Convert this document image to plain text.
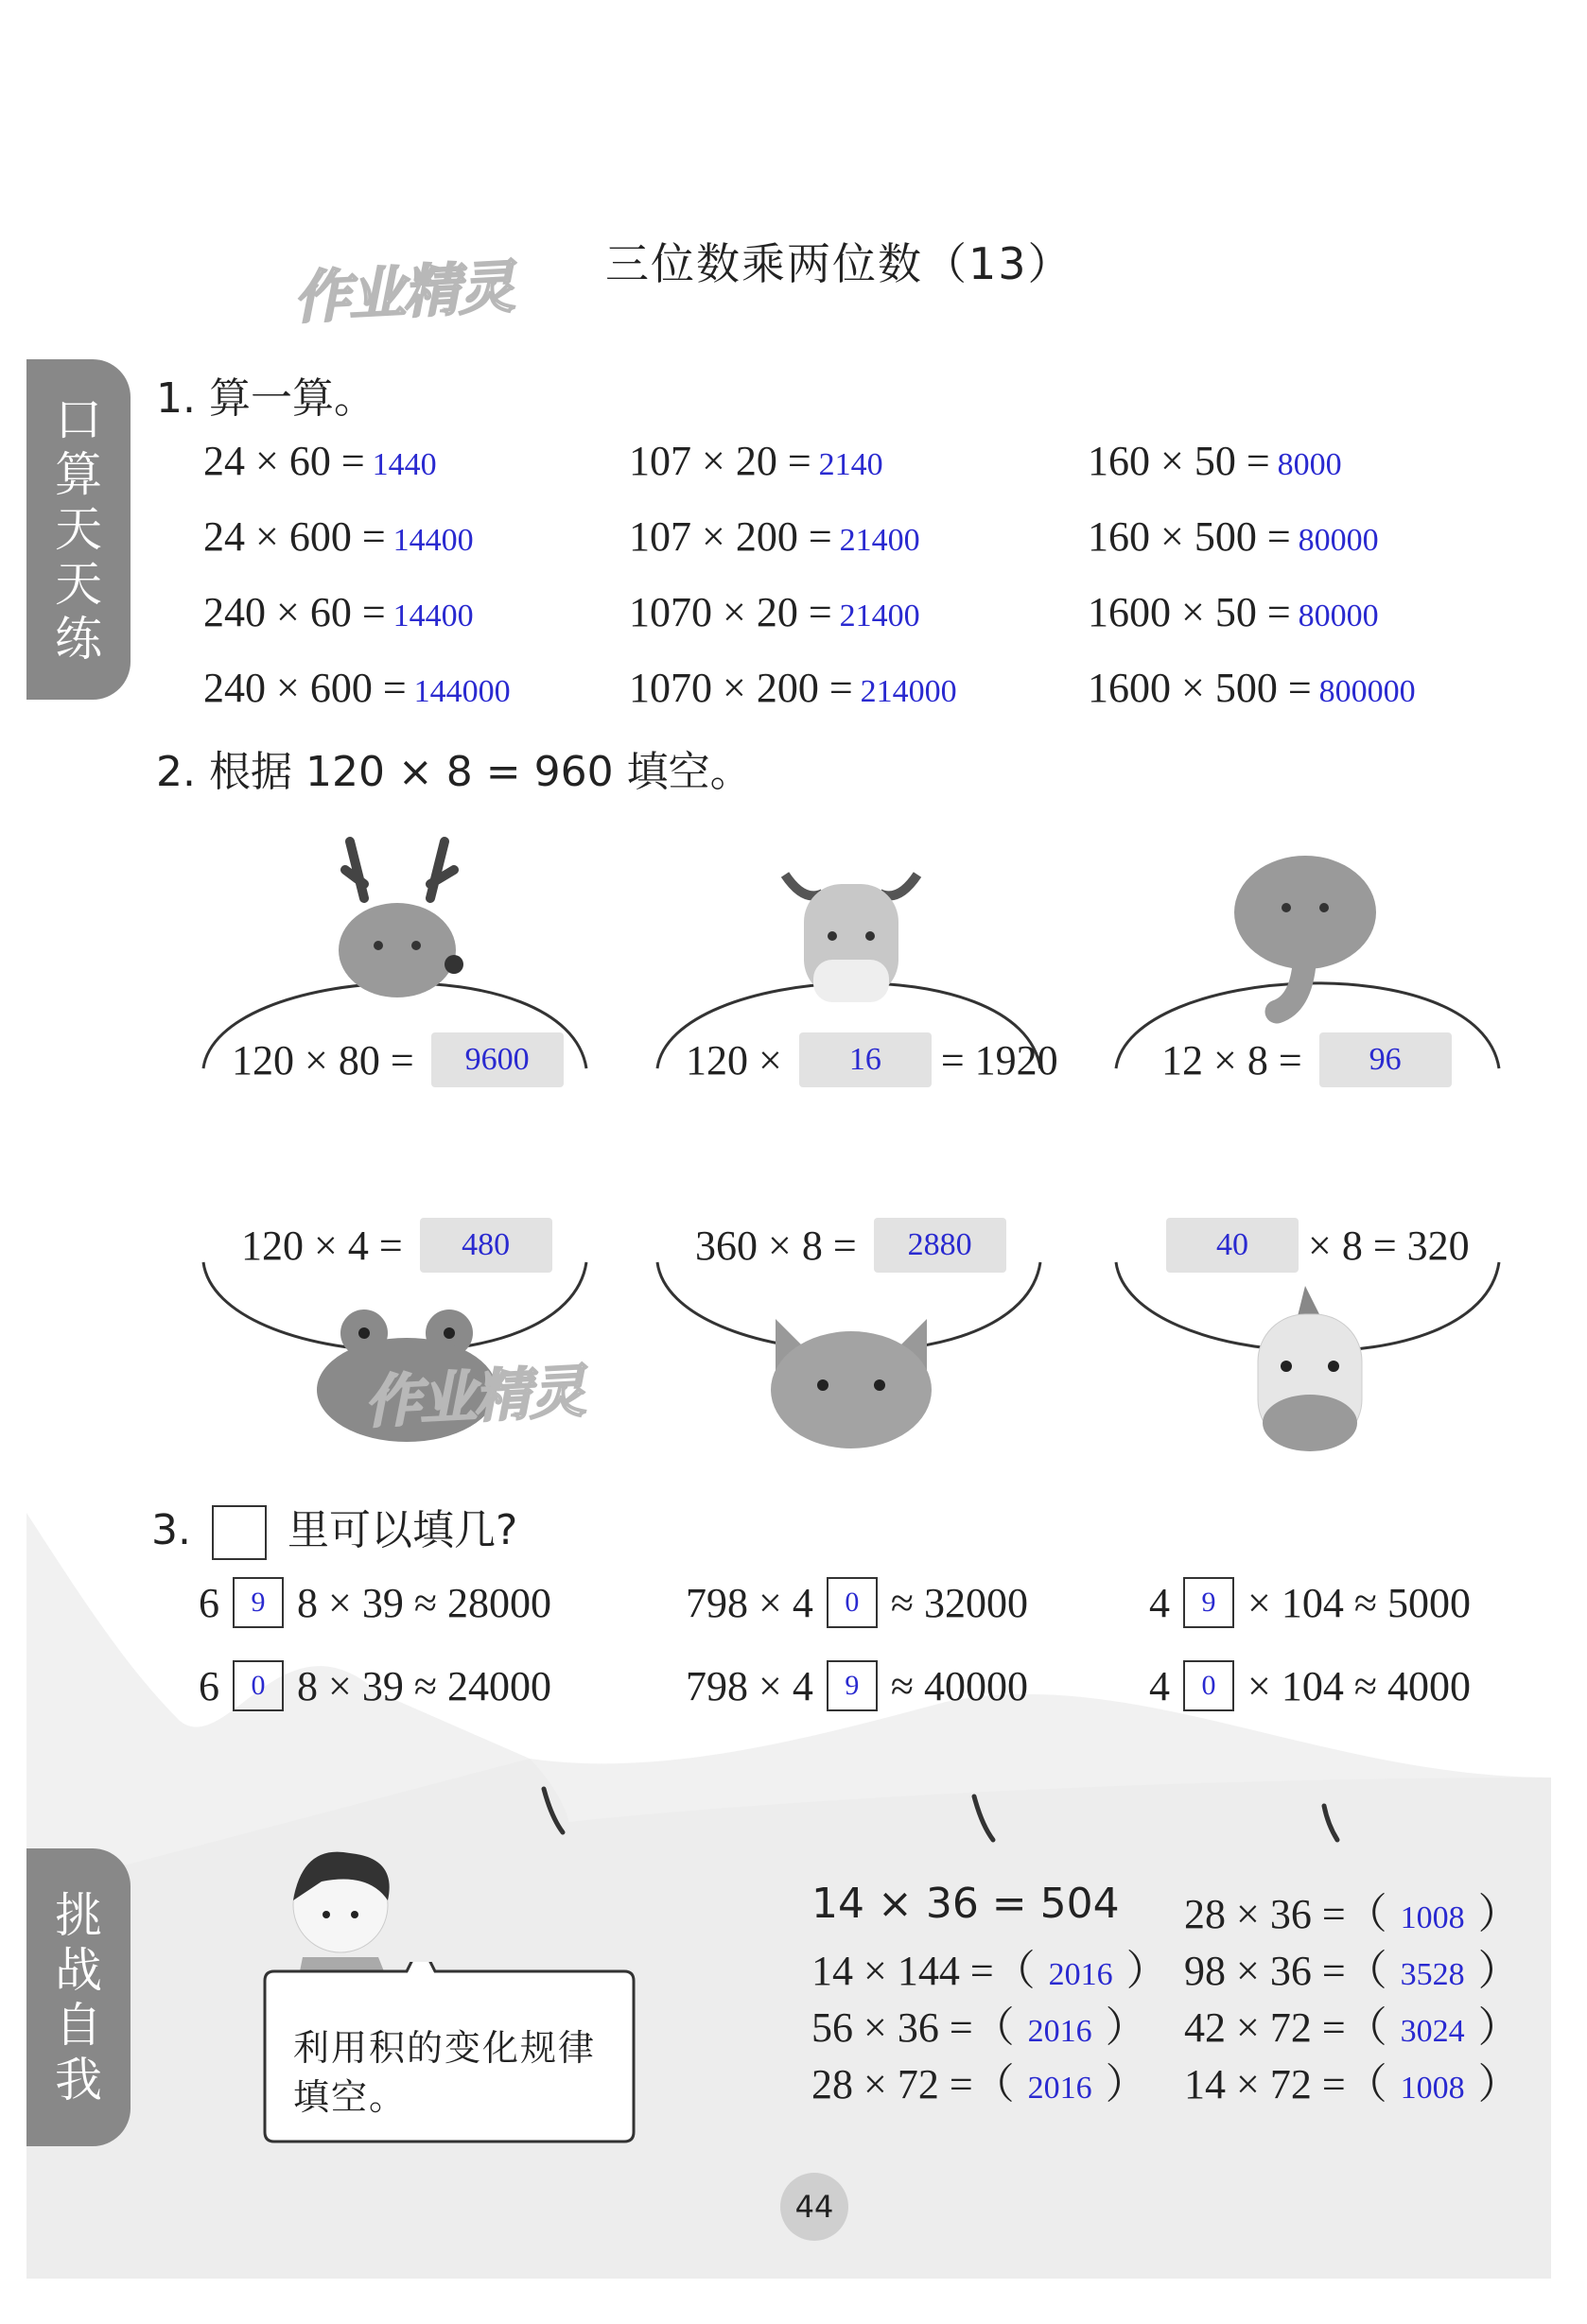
三位数乘两位数（13）
作业精灵
口
算
天
天
练
1. 算一算。
2. 根据 120 × 8 = 960 填空。
作业精灵
3. 里可以填几?
挑
战
自
我
利用积的变化规律填空。
14 × 36 = 504
44
24 × 60 = 1440	107 × 20 = 2140	160 × 50 = 8000
24 × 600 = 14400	107 × 200 = 21400	160 × 500 = 80000
240 × 60 = 14400	1070 × 20 = 21400	1600 × 50 = 80000
240 × 600 = 144000	1070 × 200 = 214000	1600 × 500 = 800000
120 × 80 =	9600	120 ×	16	= 1920 12 × 8 =	96
120 × 4 =	480	360 × 8 =	2880	40	× 8 = 320
6	9 8 × 39 ≈ 28000	798 × 4	0 ≈ 32000	4	9 × 104 ≈ 5000
6	0 8 × 39 ≈ 24000	798 × 4	9 ≈ 40000	4	0 × 104 ≈ 4000
14 × 144 =（ 2016 ）
56 × 36 =（ 2016 ）
28 × 72 =（ 2016 ）
28 × 36 =（ 1008 ）
98 × 36 =（ 3528 ）
42 × 72 =（ 3024 ）
14 × 72 =（ 1008 ）
